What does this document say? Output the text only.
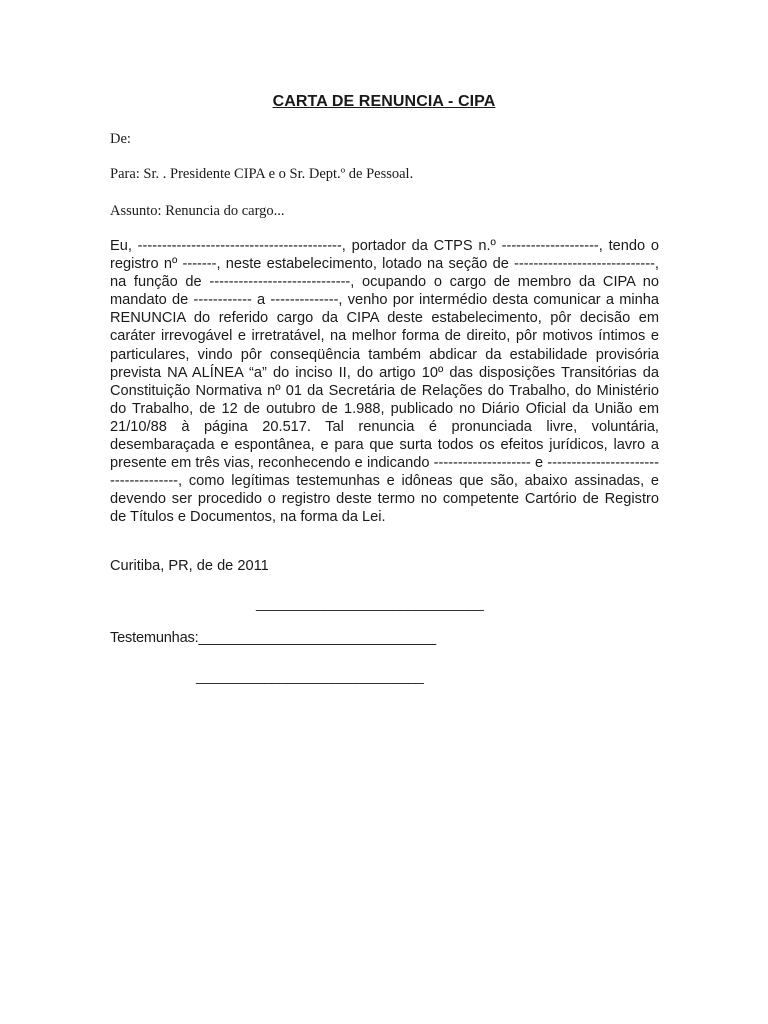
CARTA DE RENUNCIA - CIPA
De:
Para: Sr. . Presidente CIPA e o Sr. Dept.º de Pessoal.
Assunto: Renuncia do cargo...
Eu, ------------------------------------------, portador da CTPS n.º --------------------, tendo o registro nº -------, neste estabelecimento, lotado na seção de -----------------------------, na função de -----------------------------, ocupando o cargo de membro da CIPA no mandato de ------------ a --------------, venho por intermédio desta comunicar a minha RENUNCIA do referido cargo da CIPA deste estabelecimento, pôr decisão em caráter irrevogável e irretratável, na melhor forma de direito, pôr motivos íntimos e particulares, vindo pôr conseqüência também abdicar da estabilidade provisória prevista NA ALÍNEA “a” do inciso II, do artigo 10º das disposições Transitórias da Constituição Normativa nº 01 da Secretária de Relações do Trabalho, do Ministério do Trabalho, de 12 de outubro de 1.988, publicado no Diário Oficial da União em 21/10/88 à página 20.517. Tal renuncia é pronunciada livre, voluntária, desembaraçada e espontânea, e para que surta todos os efeitos jurídicos, lavro a presente em três vias, reconhecendo e indicando -------------------- e -------------------------------------, como legítimas testemunhas e idôneas que são, abaixo assinadas, e devendo ser procedido o registro deste termo no competente Cartório de Registro de Títulos e Documentos, na forma da Lei.
Curitiba, PR, de de 2011
______________________________
Testemunhas:______________________________
______________________________
